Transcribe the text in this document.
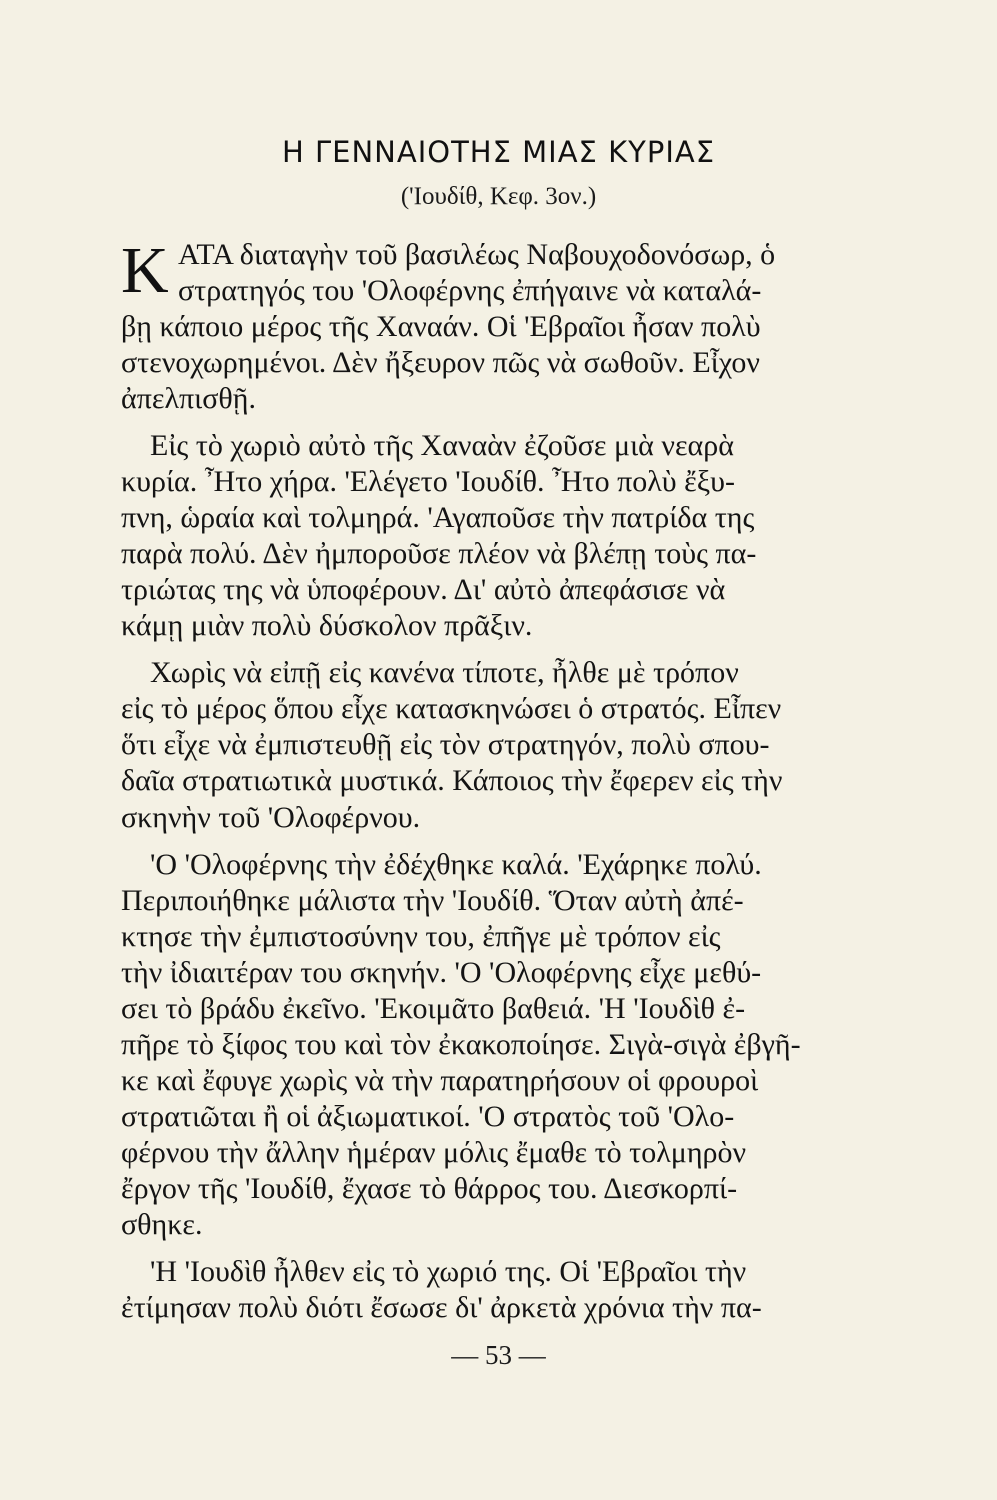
Η ΓΕΝΝΑΙΟΤΗΣ ΜΙΑΣ ΚΥΡΙΑΣ
('Ιουδίθ, Κεφ. 3ον.)
Κ
— 53 —
ΑΤΑ διαταγὴν τοῦ βασιλέως Ναβουχοδονόσωρ, ὁ
στρατηγός του 'Ολοφέρνης ἐπήγαινε νὰ καταλά-
βῃ κάποιο μέρος τῆς Χαναάν. Οἱ 'Εβραῖοι ἦσαν πολὺ
στενοχωρημένοι. Δὲν ἤξευρον πῶς νὰ σωθοῦν. Εἶχον
ἀπελπισθῇ.
Εἰς τὸ χωριὸ αὐτὸ τῆς Χαναὰν ἐζοῦσε μιὰ νεαρὰ
κυρία. Ἦτο χήρα. 'Ελέγετο 'Ιουδίθ. Ἦτο πολὺ ἔξυ-
πνη, ὡραία καὶ τολμηρά. 'Αγαποῦσε τὴν πατρίδα της
παρὰ πολύ. Δὲν ἠμποροῦσε πλέον νὰ βλέπῃ τοὺς πα-
τριώτας της νὰ ὑποφέρουν. Δι' αὐτὸ ἀπεφάσισε νὰ
κάμῃ μιὰν πολὺ δύσκολον πρᾶξιν.
Χωρὶς νὰ εἰπῇ εἰς κανένα τίποτε, ἦλθε μὲ τρόπον
εἰς τὸ μέρος ὅπου εἶχε κατασκηνώσει ὁ στρατός. Εἶπεν
ὅτι εἶχε νὰ ἐμπιστευθῇ εἰς τὸν στρατηγόν, πολὺ σπου-
δαῖα στρατιωτικὰ μυστικά. Κάποιος τὴν ἔφερεν εἰς τὴν
σκηνὴν τοῦ 'Ολοφέρνου.
'Ο 'Ολοφέρνης τὴν ἐδέχθηκε καλά. 'Εχάρηκε πολύ.
Περιποιήθηκε μάλιστα τὴν 'Ιουδίθ. Ὅταν αὐτὴ ἀπέ-
κτησε τὴν ἐμπιστοσύνην του, ἐπῆγε μὲ τρόπον εἰς
τὴν ἰδιαιτέραν του σκηνήν. 'Ο 'Ολοφέρνης εἶχε μεθύ-
σει τὸ βράδυ ἐκεῖνο. 'Εκοιμᾶτο βαθειά. 'Η 'Ιουδὶθ ἐ-
πῆρε τὸ ξίφος του καὶ τὸν ἐκακοποίησε. Σιγὰ-σιγὰ ἐβγῆ-
κε καὶ ἔφυγε χωρὶς νὰ τὴν παρατηρήσουν οἱ φρουροὶ
στρατιῶται ἢ οἱ ἀξιωματικοί. 'Ο στρατὸς τοῦ 'Ολο-
φέρνου τὴν ἄλλην ἡμέραν μόλις ἔμαθε τὸ τολμηρὸν
ἔργον τῆς 'Ιουδίθ, ἔχασε τὸ θάρρος του. Διεσκορπί-
σθηκε.
'Η 'Ιουδὶθ ἦλθεν εἰς τὸ χωριό της. Οἱ 'Εβραῖοι τὴν
ἐτίμησαν πολὺ διότι ἔσωσε δι' ἀρκετὰ χρόνια τὴν πα-
